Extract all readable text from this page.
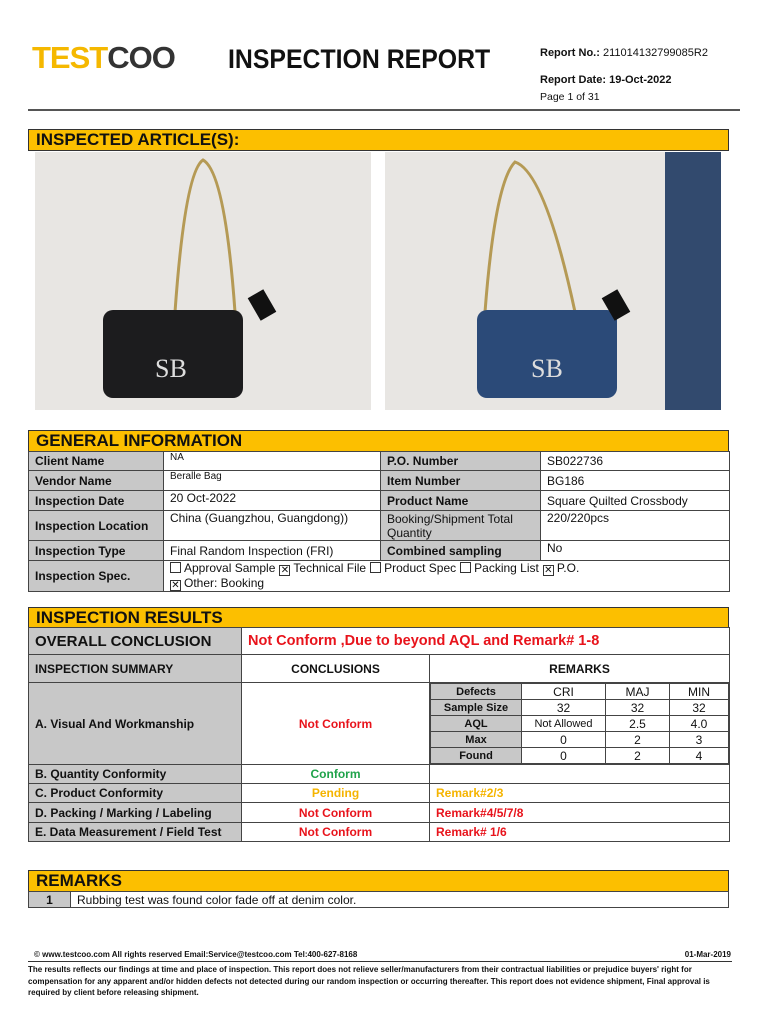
TESTCOO INSPECTION REPORT	Report No.: 211014132799085R2
Report Date: 19-Oct-2022
Page 1 of 31
INSPECTED ARTICLE(S):
SB	SB
GENERAL INFORMATION
Client Name	NA	P.O. Number	SB022736
Vendor Name	Beralle Bag	Item Number	BG186
Inspection Date	20 Oct-2022	Product Name	Square Quilted Crossbody
Inspection Location	China (Guangzhou, Guangdong))	Booking/Shipment Total Quantity	220/220pcs
Inspection Type	Final Random Inspection (FRI)	Combined sampling	No
Inspection Spec.	Approval Sample ✕ Technical File Product Spec Packing List ✕ P.O.
✕ Other: Booking		
INSPECTION RESULTS
OVERALL CONCLUSION	Not Conform ,Due to beyond AQL and Remark# 1-8
INSPECTION SUMMARY	CONCLUSIONS	REMARKS
A. Visual And Workmanship	Not Conform	
Defects	CRI	MAJ	MIN
Sample Size	32	32	32
AQL	Not Allowed	2.5	4.0
Max	0	2	3
Found	0	2	4

B. Quantity Conformity	Conform	
C. Product Conformity	Pending	Remark#2/3
D. Packing / Marking / Labeling	Not Conform	Remark#4/5/7/8
E. Data Measurement / Field Test	Not Conform	Remark# 1/6
REMARKS
1	Rubbing test was found color fade off at denim color.
© www.testcoo.com All rights reserved Email:Service@testcoo.com Tel:400-627-8168	01-Mar-2019
The results reflects our findings at time and place of inspection. This report does not relieve seller/manufacturers from their contractual liabilities or prejudice buyers' right for compensation for any apparent and/or hidden defects not detected during our random inspection or occurring thereafter. This report does not evidence shipment, Final approval is required by client before releasing shipment.
